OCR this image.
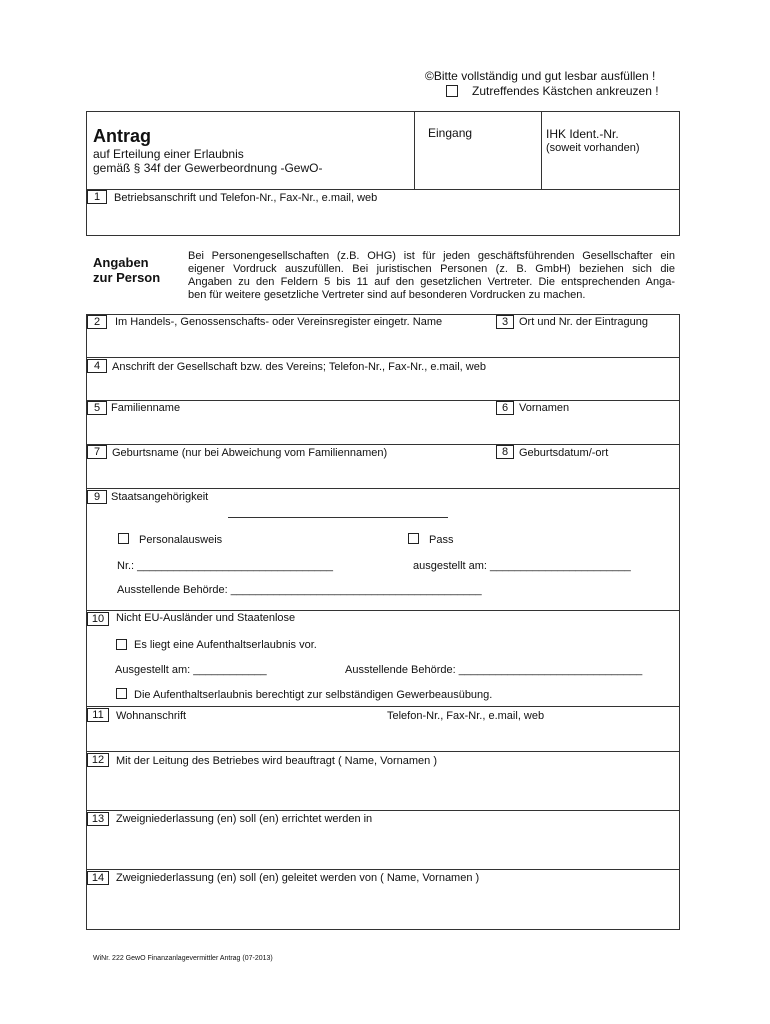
©Bitte vollständig und gut lesbar ausfüllen !
Zutreffendes Kästchen ankreuzen !
Antrag
auf Erteilung einer Erlaubnis
gemäß § 34f der Gewerbeordnung -GewO-
Eingang	IHK Ident.-Nr.
(soweit vorhanden)
1	Betriebsanschrift und Telefon-Nr., Fax-Nr., e.mail, web
Angaben
zur Person
Bei Personengesellschaften (z.B. OHG) ist für jeden geschäftsführenden Gesellschafter ein
eigener Vordruck auszufüllen. Bei juristischen Personen (z. B. GmbH) beziehen sich die
Angaben zu den Feldern 5 bis 11 auf den gesetzlichen Vertreter. Die entsprechenden Anga-
ben für weitere gesetzliche Vertreter sind auf besonderen Vordrucken zu machen.
2	Im Handels-, Genossenschafts- oder Vereinsregister eingetr. Name	3 Ort und Nr. der Eintragung
4	Anschrift der Gesellschaft bzw. des Vereins; Telefon-Nr., Fax-Nr., e.mail, web
5 Familienname	6 Vornamen
7	Geburtsname (nur bei Abweichung vom Familiennamen)	8 Geburtsdatum/-ort
9 Staatsangehörigkeit
Personalausweis	Pass
Nr.: ________________________________	ausgestellt am: _______________________
Ausstellende Behörde: _________________________________________
10	Nicht EU-Ausländer und Staatenlose
Es liegt eine Aufenthaltserlaubnis vor.
Ausgestellt am: ____________	Ausstellende Behörde: ______________________________
Die Aufenthaltserlaubnis berechtigt zur selbständigen Gewerbeausübung.
11	Wohnanschrift	Telefon-Nr., Fax-Nr., e.mail, web
12	Mit der Leitung des Betriebes wird beauftragt ( Name, Vornamen )
13	Zweigniederlassung (en) soll (en) errichtet werden in
14	Zweigniederlassung (en) soll (en) geleitet werden von ( Name, Vornamen )
WiNr. 222 GewO Finanzanlagevermittler Antrag (07-2013)
